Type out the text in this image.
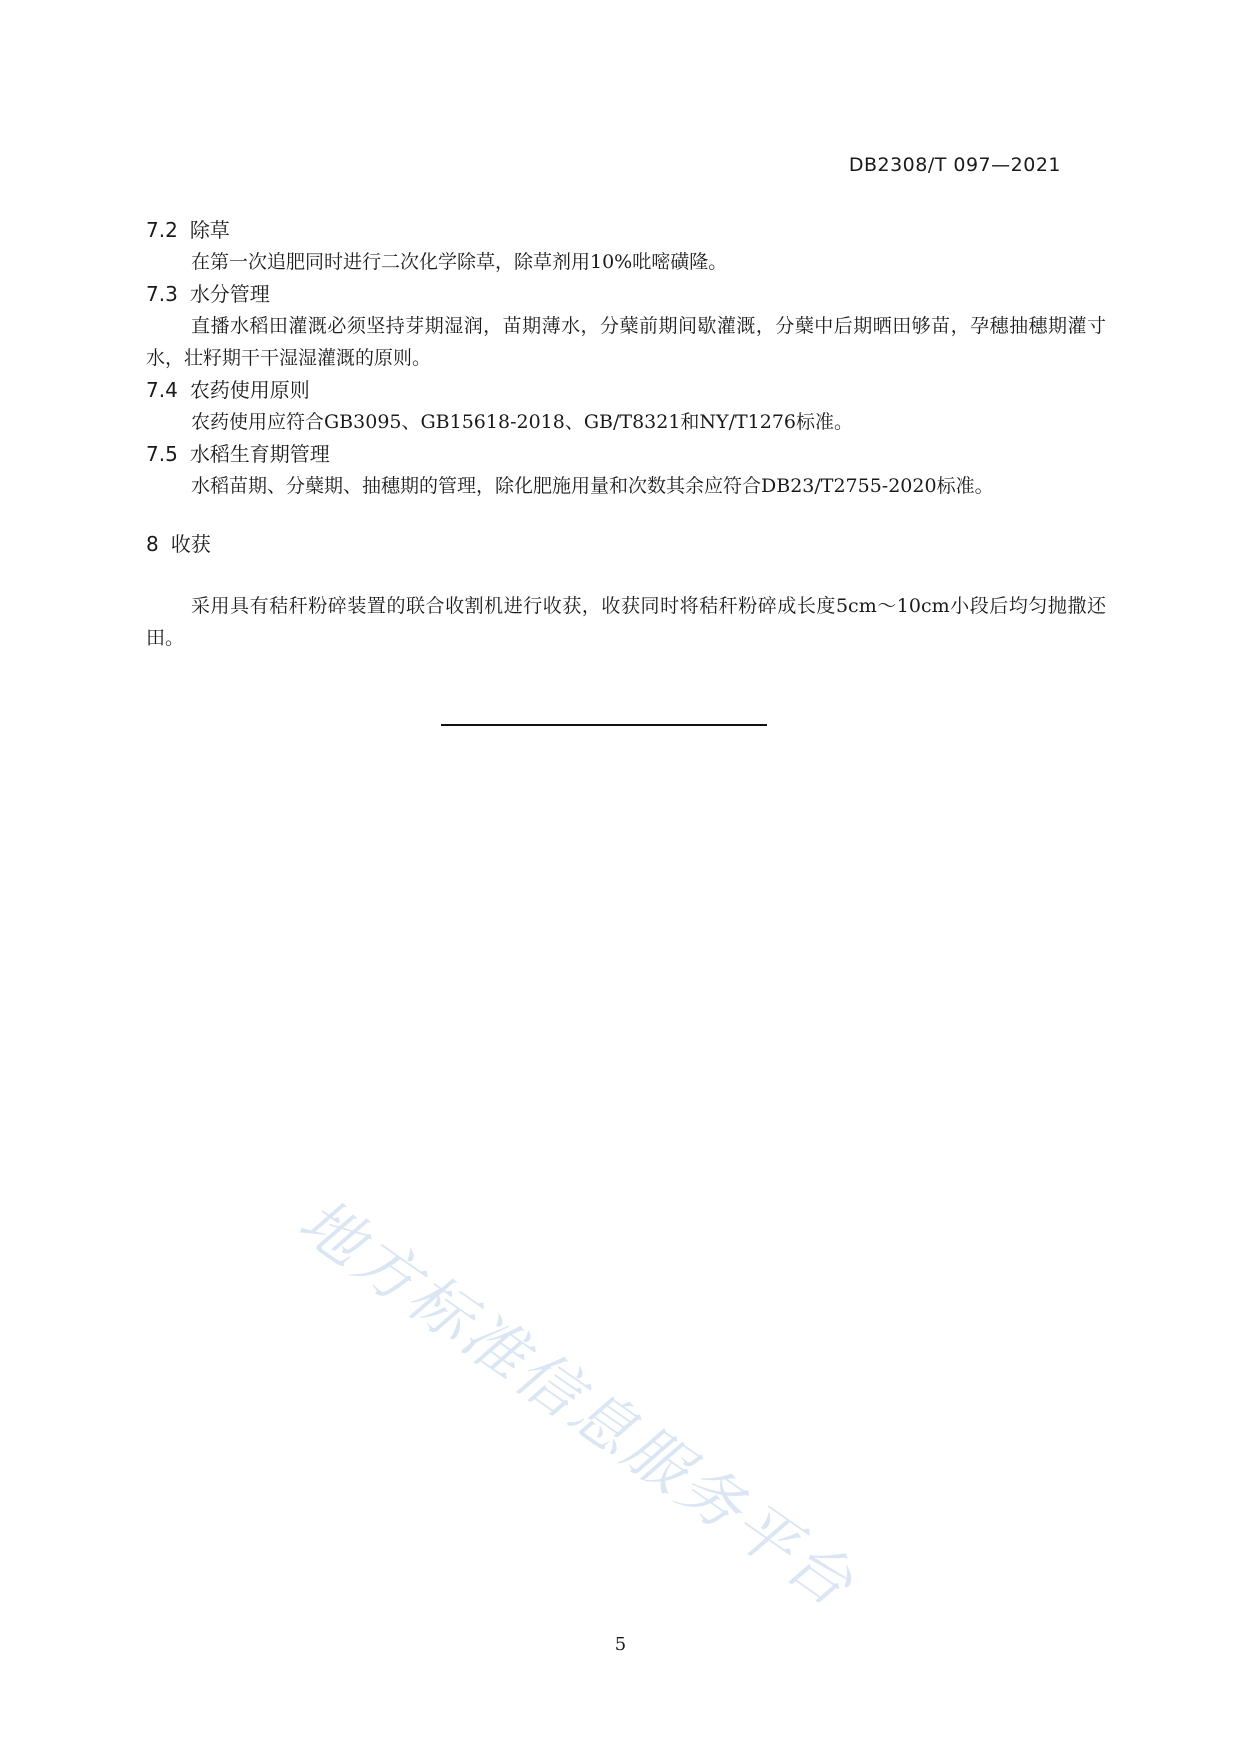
DB2308/T 097—2021
7.2 除草

在第一次追肥同时进行二次化学除草，除草剂用10%吡嘧磺隆。

7.3 水分管理

直播水稻田灌溉必须坚持芽期湿润，苗期薄水，分蘖前期间歇灌溉，分蘖中后期晒田够苗，孕穗抽穗期灌寸水，壮籽期干干湿湿灌溉的原则。

7.4 农药使用原则

农药使用应符合GB3095、GB15618-2018、GB/T8321和NY/T1276标准。

7.5 水稻生育期管理

水稻苗期、分蘖期、抽穗期的管理，除化肥施用量和次数其余应符合DB23/T2755-2020标准。

8 收获

采用具有秸秆粉碎装置的联合收割机进行收获，收获同时将秸秆粉碎成长度5cm～10cm小段后均匀抛撒还田。

地方标准信息服务平台
5
